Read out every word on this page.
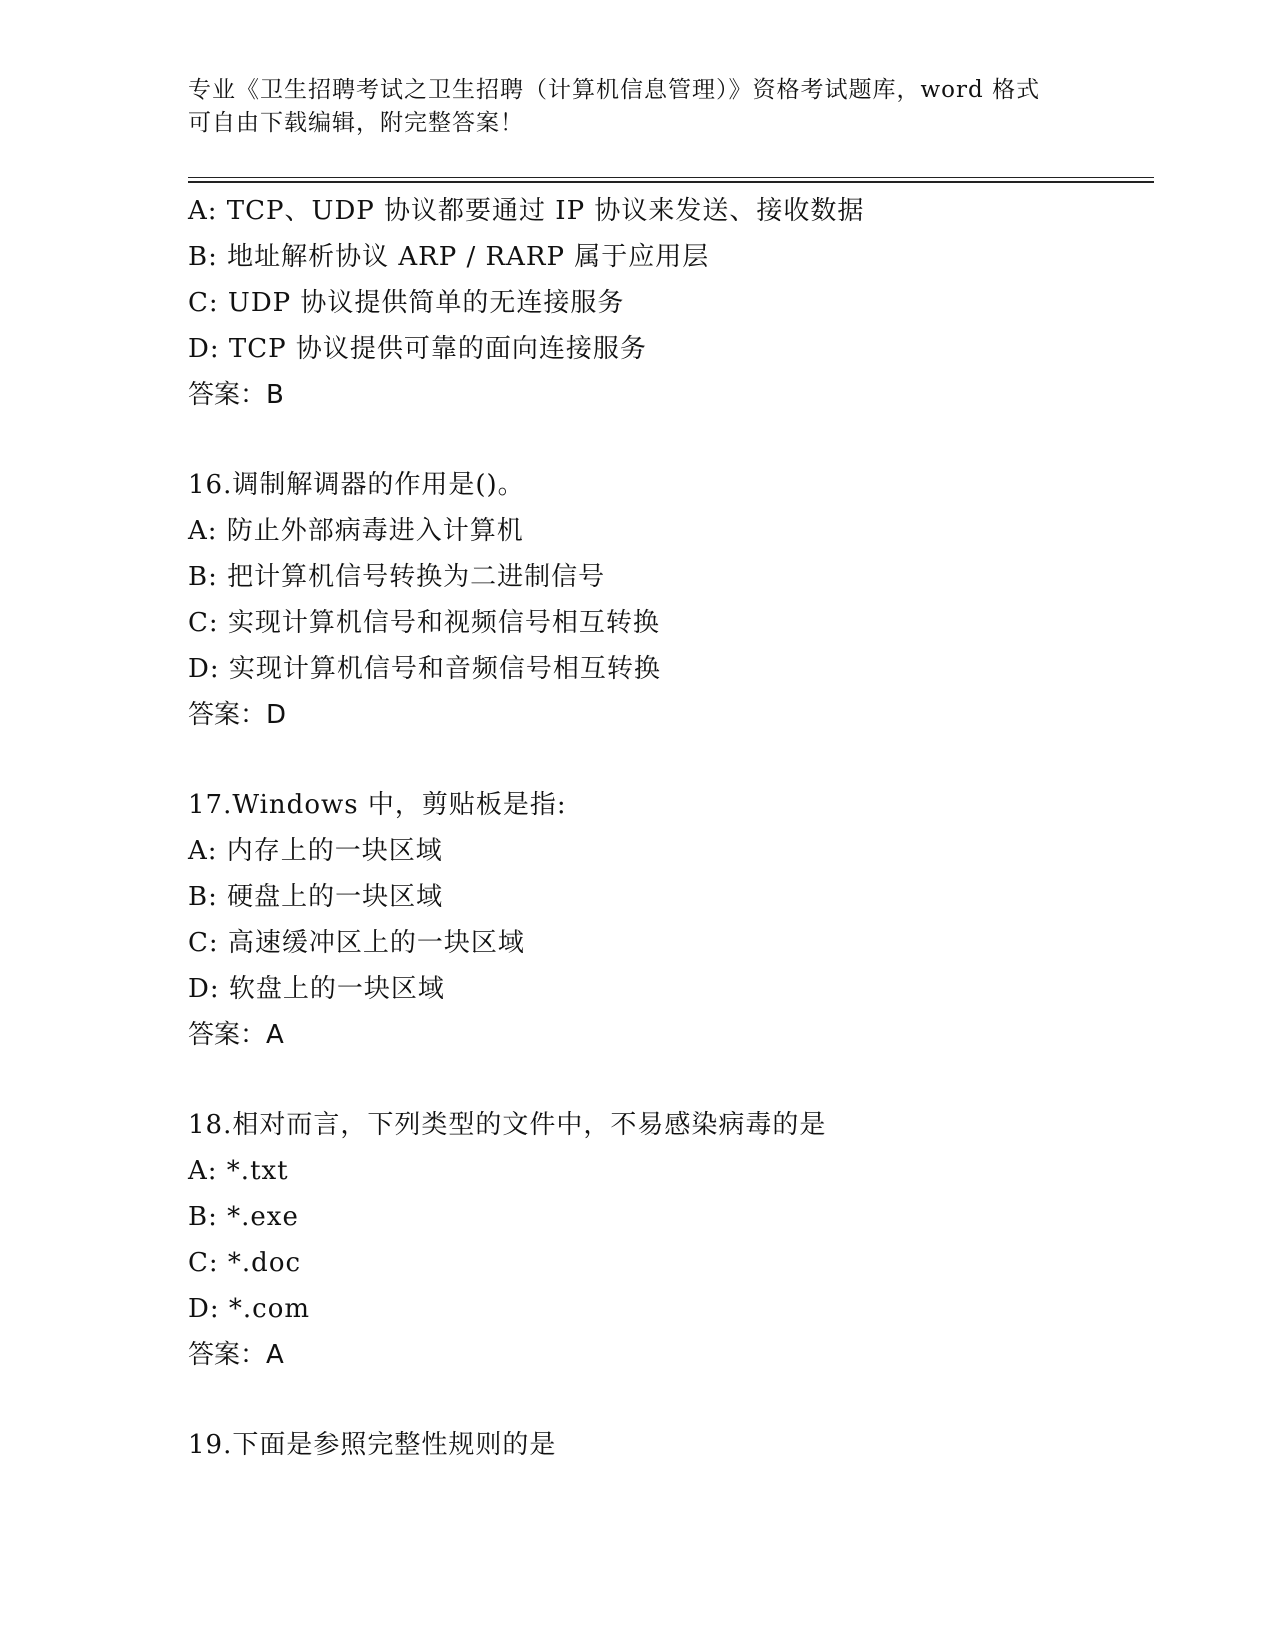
专业《卫生招聘考试之卫生招聘（计算机信息管理）》资格考试题库，word 格式
可自由下载编辑，附完整答案！
A: TCP、UDP 协议都要通过 IP 协议来发送、接收数据
B: 地址解析协议 ARP / RARP 属于应用层
C: UDP 协议提供简单的无连接服务
D: TCP 协议提供可靠的面向连接服务
答案：B
16.调制解调器的作用是()。
A: 防止外部病毒进入计算机
B: 把计算机信号转换为二进制信号
C: 实现计算机信号和视频信号相互转换
D: 实现计算机信号和音频信号相互转换
答案：D
17.Windows 中，剪贴板是指:
A: 内存上的一块区域
B: 硬盘上的一块区域
C: 高速缓冲区上的一块区域
D: 软盘上的一块区域
答案：A
18.相对而言，下列类型的文件中，不易感染病毒的是
A: *.txt
B: *.exe
C: *.doc
D: *.com
答案：A
19.下面是参照完整性规则的是
